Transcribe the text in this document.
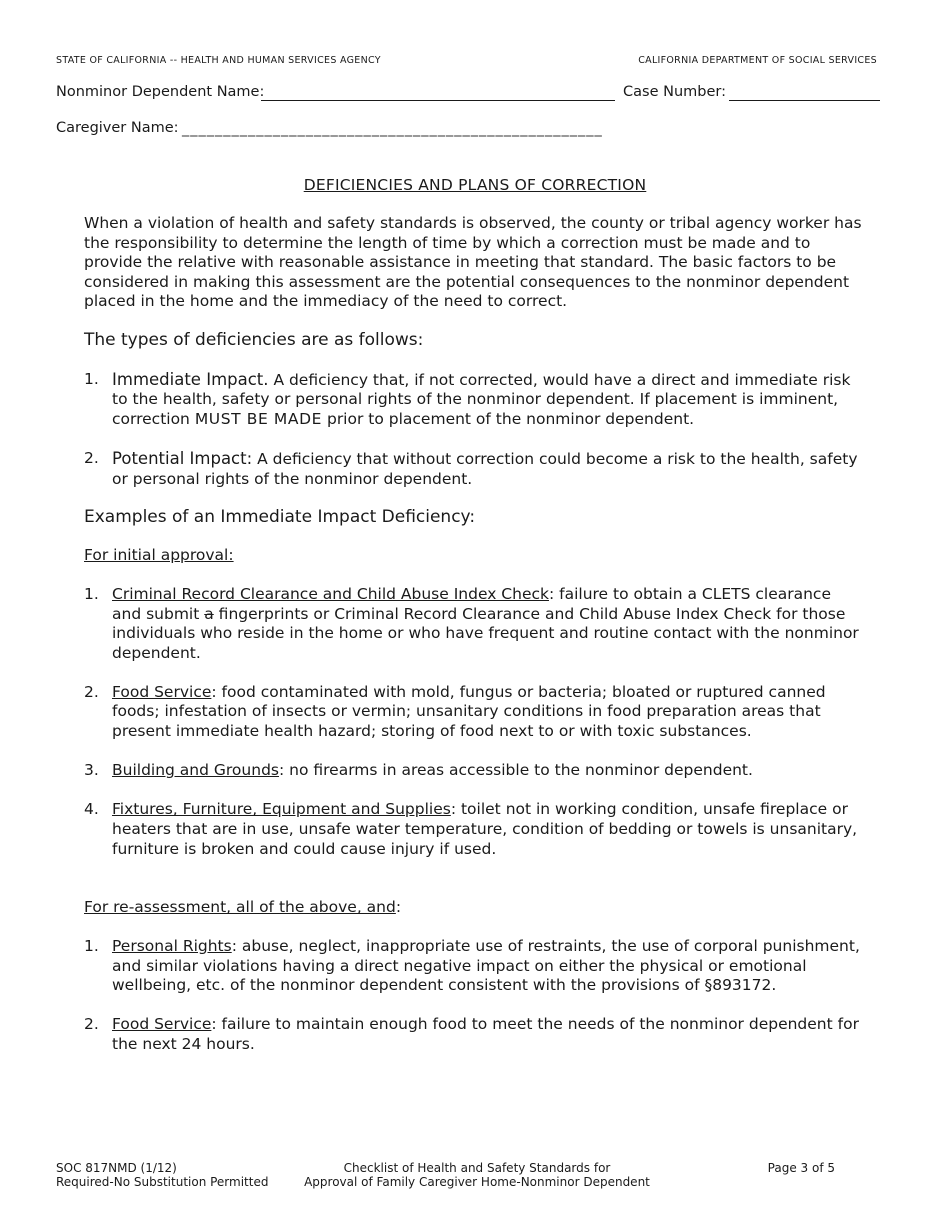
STATE OF CALIFORNIA -- HEALTH AND HUMAN SERVICES AGENCY	CALIFORNIA DEPARTMENT OF SOCIAL SERVICES
Nonminor Dependent Name:	Case Number:
Caregiver Name: ___________________________________________________
DEFICIENCIES AND PLANS OF CORRECTION

When a violation of health and safety standards is observed, the county or tribal agency worker has the responsibility to determine the length of time by which a correction must be made and to provide the relative with reasonable assistance in meeting that standard. The basic factors to be considered in making this assessment are the potential consequences to the nonminor dependent placed in the home and the immediacy of the need to correct.

The types of deficiencies are as follows:

1. Immediate Impact. A deficiency that, if not corrected, would have a direct and immediate risk to the health, safety or personal rights of the nonminor dependent. If placement is imminent, correction MUST BE MADE prior to placement of the nonminor dependent.
2. Potential Impact: A deficiency that without correction could become a risk to the health, safety or personal rights of the nonminor dependent.

Examples of an Immediate Impact Deficiency:

For initial approval:

1. Criminal Record Clearance and Child Abuse Index Check: failure to obtain a CLETS clearance and submit a fingerprints or Criminal Record Clearance and Child Abuse Index Check for those individuals who reside in the home or who have frequent and routine contact with the nonminor dependent.
2. Food Service: food contaminated with mold, fungus or bacteria; bloated or ruptured canned foods; infestation of insects or vermin; unsanitary conditions in food preparation areas that present immediate health hazard; storing of food next to or with toxic substances.
3. Building and Grounds: no firearms in areas accessible to the nonminor dependent.
4. Fixtures, Furniture, Equipment and Supplies: toilet not in working condition, unsafe fireplace or heaters that are in use, unsafe water temperature, condition of bedding or towels is unsanitary, furniture is broken and could cause injury if used.

For re-assessment, all of the above, and:

1. Personal Rights: abuse, neglect, inappropriate use of restraints, the use of corporal punishment, and similar violations having a direct negative impact on either the physical or emotional wellbeing, etc. of the nonminor dependent consistent with the provisions of §893172.
2. Food Service: failure to maintain enough food to meet the needs of the nonminor dependent for the next 24 hours.
SOC 817NMD (1/12)
Required-No Substitution Permitted
Checklist of Health and Safety Standards for
Approval of Family Caregiver Home-Nonminor Dependent
Page 3 of 5
